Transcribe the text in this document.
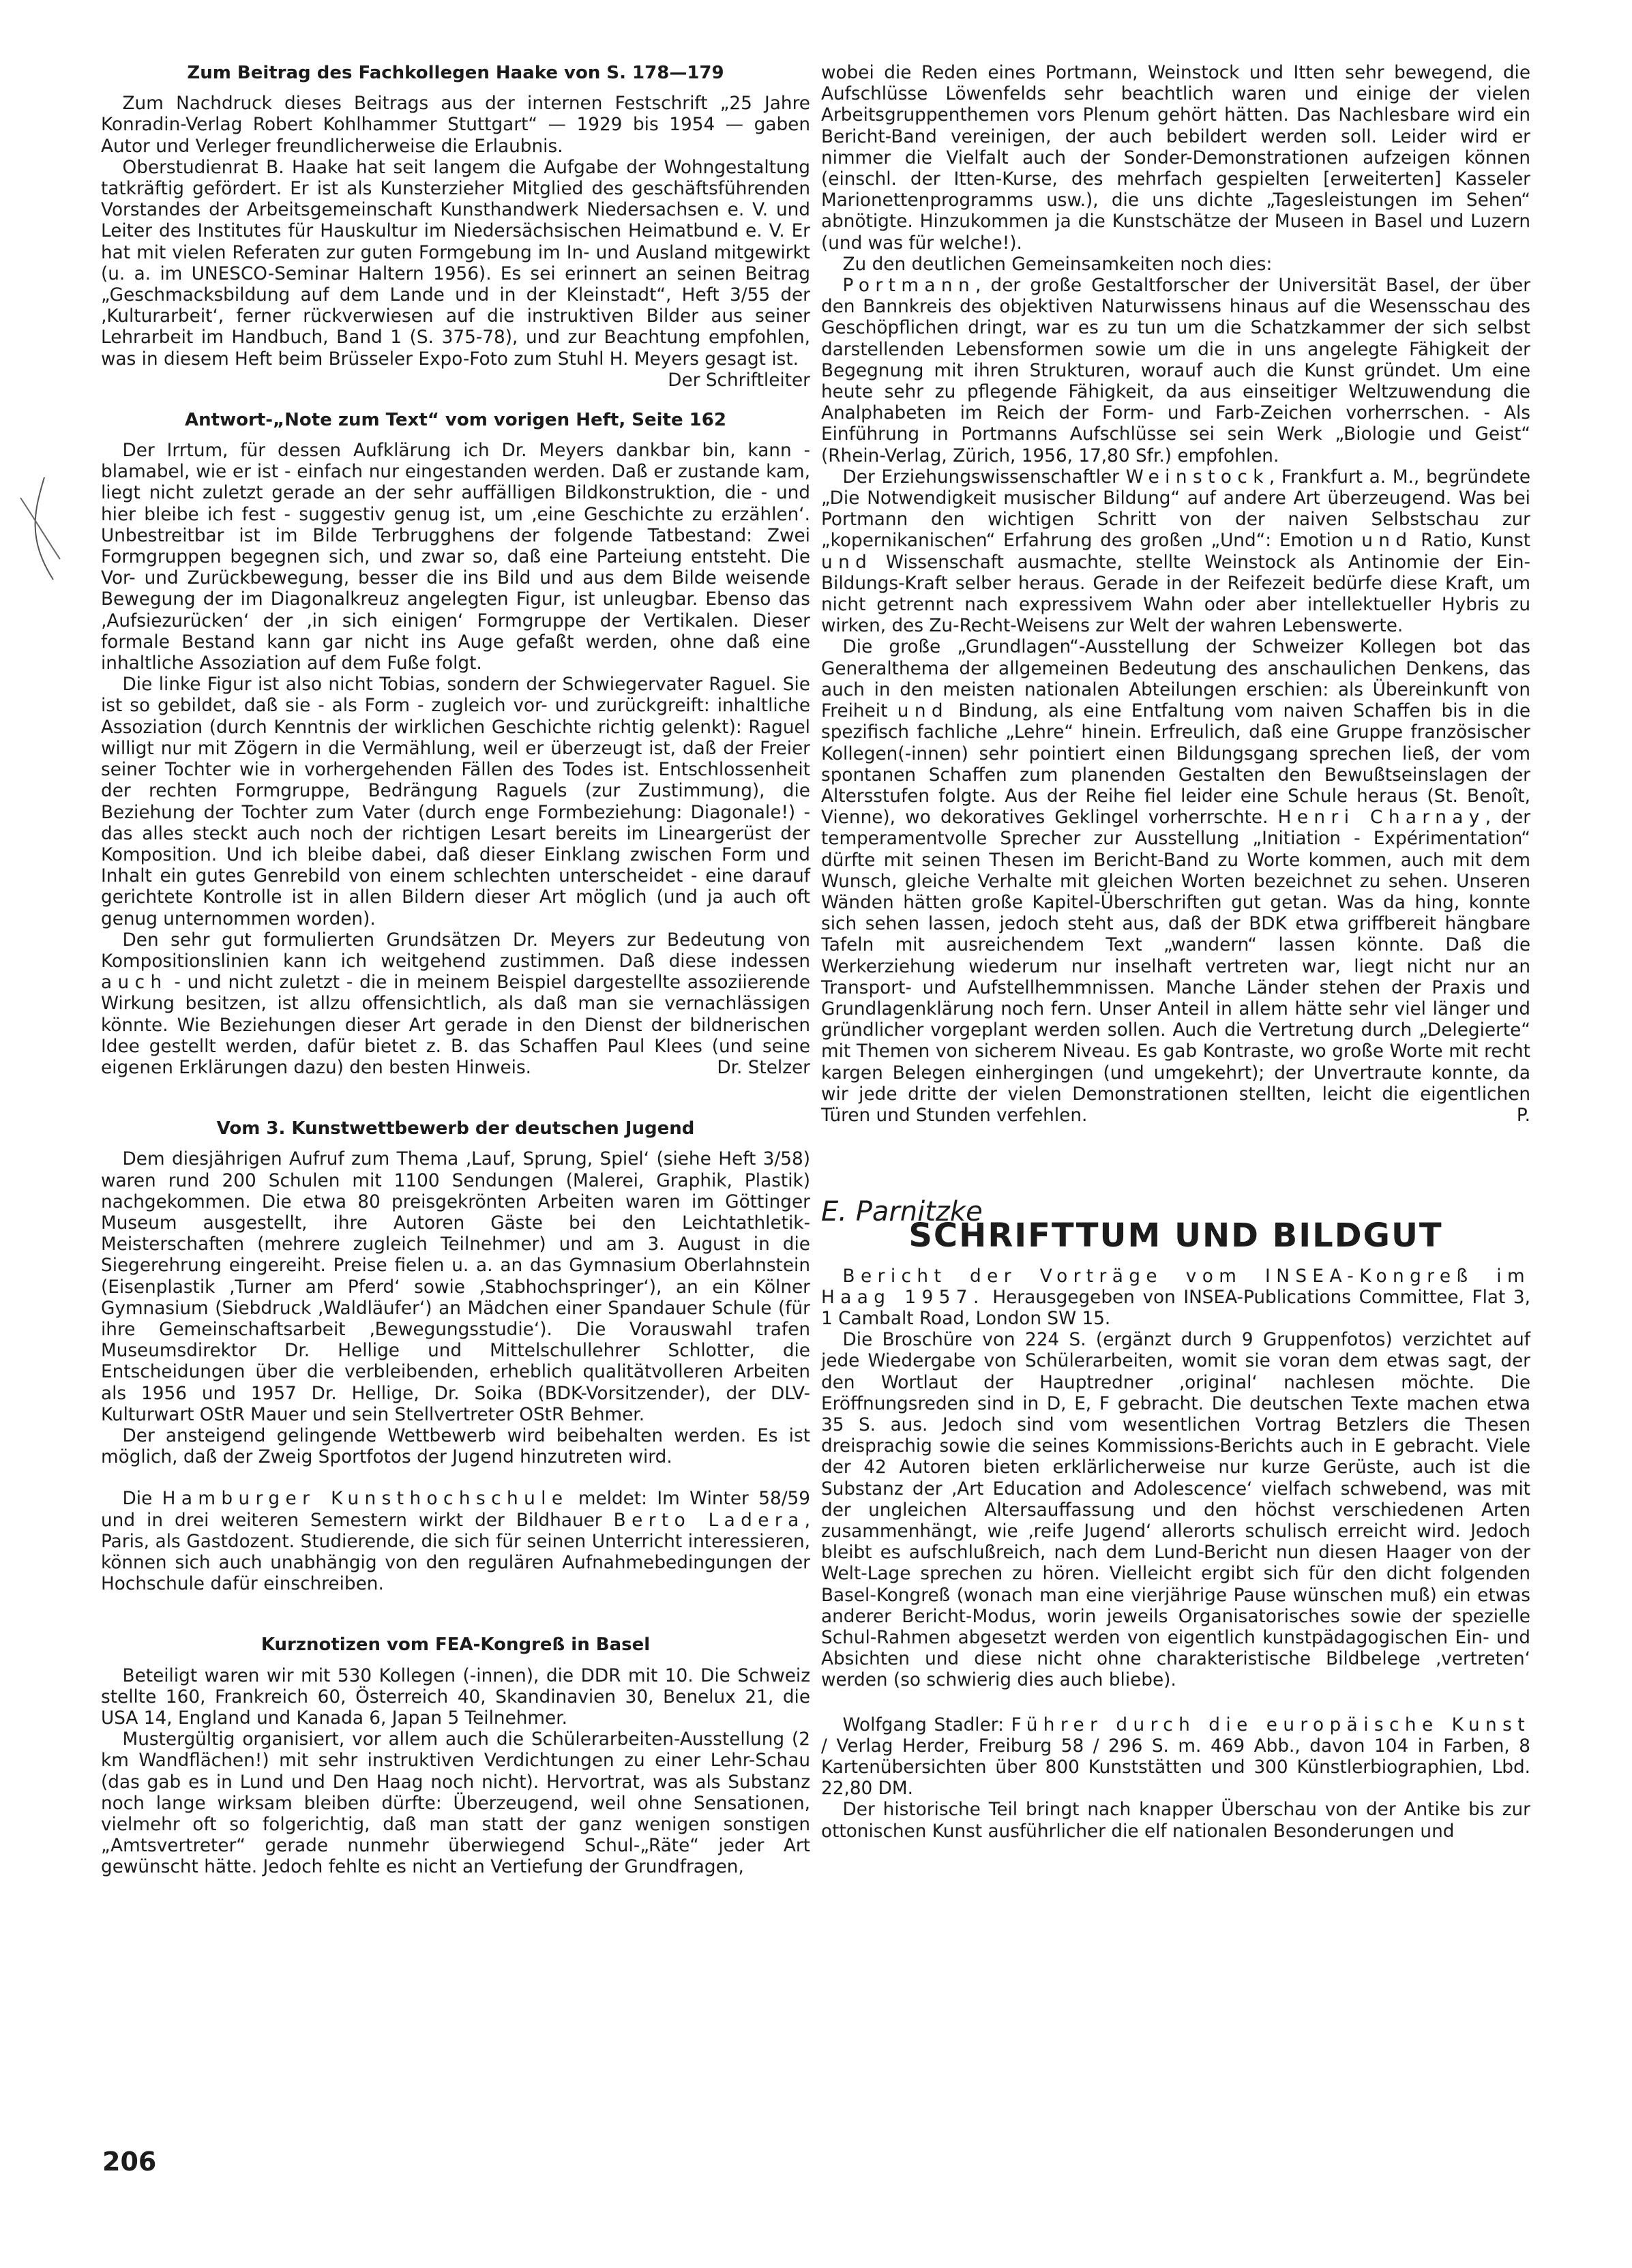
Zum Beitrag des Fachkollegen Haake von S. 178—179

Zum Nachdruck dieses Beitrags aus der internen Festschrift „25 Jahre Konradin-Verlag Robert Kohlhammer Stuttgart“ — 1929 bis 1954 — gaben Autor und Verleger freundlicherweise die Erlaubnis.

Oberstudienrat B. Haake hat seit langem die Aufgabe der Wohngestaltung tatkräftig gefördert. Er ist als Kunsterzieher Mitglied des geschäftsführenden Vorstandes der Arbeitsgemeinschaft Kunsthandwerk Niedersachsen e. V. und Leiter des Institutes für Hauskultur im Niedersächsischen Heimatbund e. V. Er hat mit vielen Referaten zur guten Formgebung im In- und Ausland mitgewirkt (u. a. im UNESCO-Seminar Haltern 1956). Es sei erinnert an seinen Beitrag „Geschmacksbildung auf dem Lande und in der Kleinstadt“, Heft 3/55 der ‚Kulturarbeit‘, ferner rückverwiesen auf die instruktiven Bilder aus seiner Lehrarbeit im Handbuch, Band 1 (S. 375-78), und zur Beachtung empfohlen, was in diesem Heft beim Brüsseler Expo-Foto zum Stuhl H. Meyers gesagt ist.
Der Schriftleiter

Antwort-„Note zum Text“ vom vorigen Heft, Seite 162

Der Irrtum, für dessen Aufklärung ich Dr. Meyers dankbar bin, kann - blamabel, wie er ist - einfach nur eingestanden werden. Daß er zustande kam, liegt nicht zuletzt gerade an der sehr auffälligen Bildkonstruktion, die - und hier bleibe ich fest - suggestiv genug ist, um ‚eine Geschichte zu erzählen‘. Unbestreitbar ist im Bilde Terbrugghens der folgende Tatbestand: Zwei Formgruppen begegnen sich, und zwar so, daß eine Parteiung entsteht. Die Vor- und Zurückbewegung, besser die ins Bild und aus dem Bilde weisende Bewegung der im Diagonalkreuz angelegten Figur, ist unleugbar. Ebenso das ‚Aufsiezurücken‘ der ‚in sich einigen‘ Formgruppe der Vertikalen. Dieser formale Bestand kann gar nicht ins Auge gefaßt werden, ohne daß eine inhaltliche Assoziation auf dem Fuße folgt.

Die linke Figur ist also nicht Tobias, sondern der Schwiegervater Raguel. Sie ist so gebildet, daß sie - als Form - zugleich vor- und zurückgreift: inhaltliche Assoziation (durch Kenntnis der wirklichen Geschichte richtig gelenkt): Raguel willigt nur mit Zögern in die Vermählung, weil er überzeugt ist, daß der Freier seiner Tochter wie in vorhergehenden Fällen des Todes ist. Entschlossenheit der rechten Formgruppe, Bedrängung Raguels (zur Zustimmung), die Beziehung der Tochter zum Vater (durch enge Formbeziehung: Diagonale!) - das alles steckt auch noch der richtigen Lesart bereits im Lineargerüst der Komposition. Und ich bleibe dabei, daß dieser Einklang zwischen Form und Inhalt ein gutes Genrebild von einem schlechten unterscheidet - eine darauf gerichtete Kontrolle ist in allen Bildern dieser Art möglich (und ja auch oft genug unternommen worden).

Den sehr gut formulierten Grundsätzen Dr. Meyers zur Bedeutung von Kompositionslinien kann ich weitgehend zustimmen. Daß diese indessen auch - und nicht zuletzt - die in meinem Beispiel dargestellte assoziierende Wirkung besitzen, ist allzu offensichtlich, als daß man sie vernachlässigen könnte. Wie Beziehungen dieser Art gerade in den Dienst der bildnerischen Idee gestellt werden, dafür bietet z. B. das Schaffen Paul Klees (und seine eigenen Erklärungen dazu) den besten Hinweis.	Dr. Stelzer

Vom 3. Kunstwettbewerb der deutschen Jugend

Dem diesjährigen Aufruf zum Thema ‚Lauf, Sprung, Spiel‘ (siehe Heft 3/58) waren rund 200 Schulen mit 1100 Sendungen (Malerei, Graphik, Plastik) nachgekommen. Die etwa 80 preisgekrönten Arbeiten waren im Göttinger Museum ausgestellt, ihre Autoren Gäste bei den Leichtathletik-Meisterschaften (mehrere zugleich Teilnehmer) und am 3. August in die Siegerehrung eingereiht. Preise fielen u. a. an das Gymnasium Oberlahnstein (Eisenplastik ‚Turner am Pferd‘ sowie ‚Stabhochspringer‘), an ein Kölner Gymnasium (Siebdruck ‚Waldläufer‘) an Mädchen einer Spandauer Schule (für ihre Gemeinschaftsarbeit ‚Bewegungsstudie‘). Die Vorauswahl trafen Museumsdirektor Dr. Hellige und Mittelschullehrer Schlotter, die Entscheidungen über die verbleibenden, erheblich qualitätvolleren Arbeiten als 1956 und 1957 Dr. Hellige, Dr. Soika (BDK-Vorsitzender), der DLV-Kulturwart OStR Mauer und sein Stellvertreter OStR Behmer.

Der ansteigend gelingende Wettbewerb wird beibehalten werden. Es ist möglich, daß der Zweig Sportfotos der Jugend hinzutreten wird.

Die Hamburger Kunsthochschule meldet: Im Winter 58/59 und in drei weiteren Semestern wirkt der Bildhauer Berto Ladera, Paris, als Gastdozent. Studierende, die sich für seinen Unterricht interessieren, können sich auch unabhängig von den regulären Aufnahmebedingungen der Hochschule dafür einschreiben.

Kurznotizen vom FEA-Kongreß in Basel

Beteiligt waren wir mit 530 Kollegen (-innen), die DDR mit 10. Die Schweiz stellte 160, Frankreich 60, Österreich 40, Skandinavien 30, Benelux 21, die USA 14, England und Kanada 6, Japan 5 Teilnehmer.

Mustergültig organisiert, vor allem auch die Schülerarbeiten-Ausstellung (2 km Wandflächen!) mit sehr instruktiven Verdichtungen zu einer Lehr-Schau (das gab es in Lund und Den Haag noch nicht). Hervortrat, was als Substanz noch lange wirksam bleiben dürfte: Überzeugend, weil ohne Sensationen, vielmehr oft so folgerichtig, daß man statt der ganz wenigen sonstigen „Amtsvertreter“ gerade nunmehr überwiegend Schul-„Räte“ jeder Art gewünscht hätte. Jedoch fehlte es nicht an Vertiefung der Grundfragen,

wobei die Reden eines Portmann, Weinstock und Itten sehr bewegend, die Aufschlüsse Löwenfelds sehr beachtlich waren und einige der vielen Arbeitsgruppenthemen vors Plenum gehört hätten. Das Nachlesbare wird ein Bericht-Band vereinigen, der auch bebildert werden soll. Leider wird er nimmer die Vielfalt auch der Sonder-Demonstrationen aufzeigen können (einschl. der Itten-Kurse, des mehrfach gespielten [erweiterten] Kasseler Marionettenprogramms usw.), die uns dichte „Tagesleistungen im Sehen“ abnötigte. Hinzukommen ja die Kunstschätze der Museen in Basel und Luzern (und was für welche!).

Zu den deutlichen Gemeinsamkeiten noch dies:

Portmann, der große Gestaltforscher der Universität Basel, der über den Bannkreis des objektiven Naturwissens hinaus auf die Wesensschau des Geschöpflichen dringt, war es zu tun um die Schatzkammer der sich selbst darstellenden Lebensformen sowie um die in uns angelegte Fähigkeit der Begegnung mit ihren Strukturen, worauf auch die Kunst gründet. Um eine heute sehr zu pflegende Fähigkeit, da aus einseitiger Weltzuwendung die Analphabeten im Reich der Form- und Farb-Zeichen vorherrschen. - Als Einführung in Portmanns Aufschlüsse sei sein Werk „Biologie und Geist“ (Rhein-Verlag, Zürich, 1956, 17,80 Sfr.) empfohlen.

Der Erziehungswissenschaftler Weinstock, Frankfurt a. M., begründete „Die Notwendigkeit musischer Bildung“ auf andere Art überzeugend. Was bei Portmann den wichtigen Schritt von der naiven Selbstschau zur „kopernikanischen“ Erfahrung des großen „Und“: Emotion und Ratio, Kunst und Wissenschaft ausmachte, stellte Weinstock als Antinomie der Ein-Bildungs-Kraft selber heraus. Gerade in der Reifezeit bedürfe diese Kraft, um nicht getrennt nach expressivem Wahn oder aber intellektueller Hybris zu wirken, des Zu-Recht-Weisens zur Welt der wahren Lebenswerte.

Die große „Grundlagen“-Ausstellung der Schweizer Kollegen bot das Generalthema der allgemeinen Bedeutung des anschaulichen Denkens, das auch in den meisten nationalen Abteilungen erschien: als Übereinkunft von Freiheit und Bindung, als eine Entfaltung vom naiven Schaffen bis in die spezifisch fachliche „Lehre“ hinein. Erfreulich, daß eine Gruppe französischer Kollegen(-innen) sehr pointiert einen Bildungsgang sprechen ließ, der vom spontanen Schaffen zum planenden Gestalten den Bewußtseinslagen der Altersstufen folgte. Aus der Reihe fiel leider eine Schule heraus (St. Benoît, Vienne), wo dekoratives Geklingel vorherrschte. Henri Charnay, der temperamentvolle Sprecher zur Ausstellung „Initiation - Expérimentation“ dürfte mit seinen Thesen im Bericht-Band zu Worte kommen, auch mit dem Wunsch, gleiche Verhalte mit gleichen Worten bezeichnet zu sehen. Unseren Wänden hätten große Kapitel-Überschriften gut getan. Was da hing, konnte sich sehen lassen, jedoch steht aus, daß der BDK etwa griffbereit hängbare Tafeln mit ausreichendem Text „wandern“ lassen könnte. Daß die Werkerziehung wiederum nur inselhaft vertreten war, liegt nicht nur an Transport- und Aufstellhemmnissen. Manche Länder stehen der Praxis und Grundlagenklärung noch fern. Unser Anteil in allem hätte sehr viel länger und gründlicher vorgeplant werden sollen. Auch die Vertretung durch „Delegierte“ mit Themen von sicherem Niveau. Es gab Kontraste, wo große Worte mit recht kargen Belegen einhergingen (und umgekehrt); der Unvertraute konnte, da wir jede dritte der vielen Demonstrationen stellten, leicht die eigentlichen Türen und Stunden verfehlen.	P.

E. Parnitzke
SCHRIFTTUM UND BILDGUT

Bericht der Vorträge vom INSEA-Kongreß im Haag 1957. Herausgegeben von INSEA-Publications Committee, Flat 3, 1 Cambalt Road, London SW 15.

Die Broschüre von 224 S. (ergänzt durch 9 Gruppenfotos) verzichtet auf jede Wiedergabe von Schülerarbeiten, womit sie voran dem etwas sagt, der den Wortlaut der Hauptredner ‚original‘ nachlesen möchte. Die Eröffnungsreden sind in D, E, F gebracht. Die deutschen Texte machen etwa 35 S. aus. Jedoch sind vom wesentlichen Vortrag Betzlers die Thesen dreisprachig sowie die seines Kommissions-Berichts auch in E gebracht. Viele der 42 Autoren bieten erklärlicherweise nur kurze Gerüste, auch ist die Substanz der ‚Art Education and Adolescence‘ vielfach schwebend, was mit der ungleichen Altersauffassung und den höchst verschiedenen Arten zusammenhängt, wie ‚reife Jugend‘ allerorts schulisch erreicht wird. Jedoch bleibt es aufschlußreich, nach dem Lund-Bericht nun diesen Haager von der Welt-Lage sprechen zu hören. Vielleicht ergibt sich für den dicht folgenden Basel-Kongreß (wonach man eine vierjährige Pause wünschen muß) ein etwas anderer Bericht-Modus, worin jeweils Organisatorisches sowie der spezielle Schul-Rahmen abgesetzt werden von eigentlich kunstpädagogischen Ein- und Absichten und diese nicht ohne charakteristische Bildbelege ‚vertreten‘ werden (so schwierig dies auch bliebe).

Wolfgang Stadler: Führer durch die europäische Kunst / Verlag Herder, Freiburg 58 / 296 S. m. 469 Abb., davon 104 in Farben, 8 Kartenübersichten über 800 Kunststätten und 300 Künstlerbiographien, Lbd. 22,80 DM.

Der historische Teil bringt nach knapper Überschau von der Antike bis zur ottonischen Kunst ausführlicher die elf nationalen Besonderungen und

206
